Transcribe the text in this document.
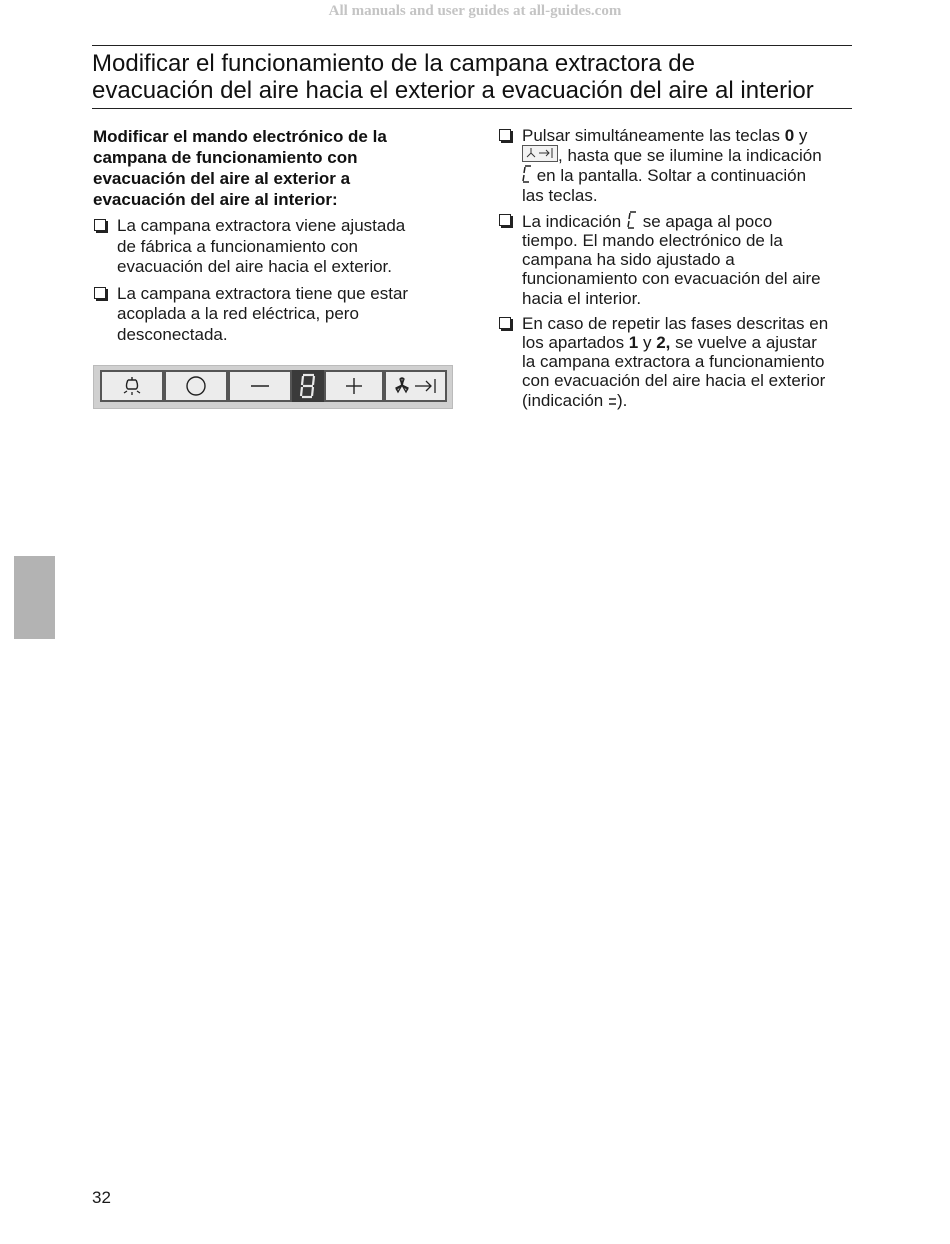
All manuals and user guides at all-guides.com
Modificar el funcionamiento de la campana extractora de
evacuación del aire hacia el exterior a evacuación del aire al interior
Modificar el mando electrónico de la
campana de funcionamiento con
evacuación del aire al exterior a
evacuación del aire al interior:
La campana extractora viene ajustada
de fábrica a funcionamiento con
evacuación del aire hacia el exterior.
La campana extractora tiene que estar
acoplada a la red eléctrica, pero
desconectada.
Pulsar simultáneamente las teclas 0 y
, hasta que se ilumine la indicación
en la pantalla. Soltar a continuación
las teclas.
La indicación  se apaga al poco
tiempo. El mando electrónico de la
campana ha sido ajustado a
funcionamiento con evacuación del aire
hacia el interior.
En caso de repetir las fases descritas en
los apartados 1 y 2, se vuelve a ajustar
la campana extractora a funcionamiento
con evacuación del aire hacia el exterior
(indicación ).
32
